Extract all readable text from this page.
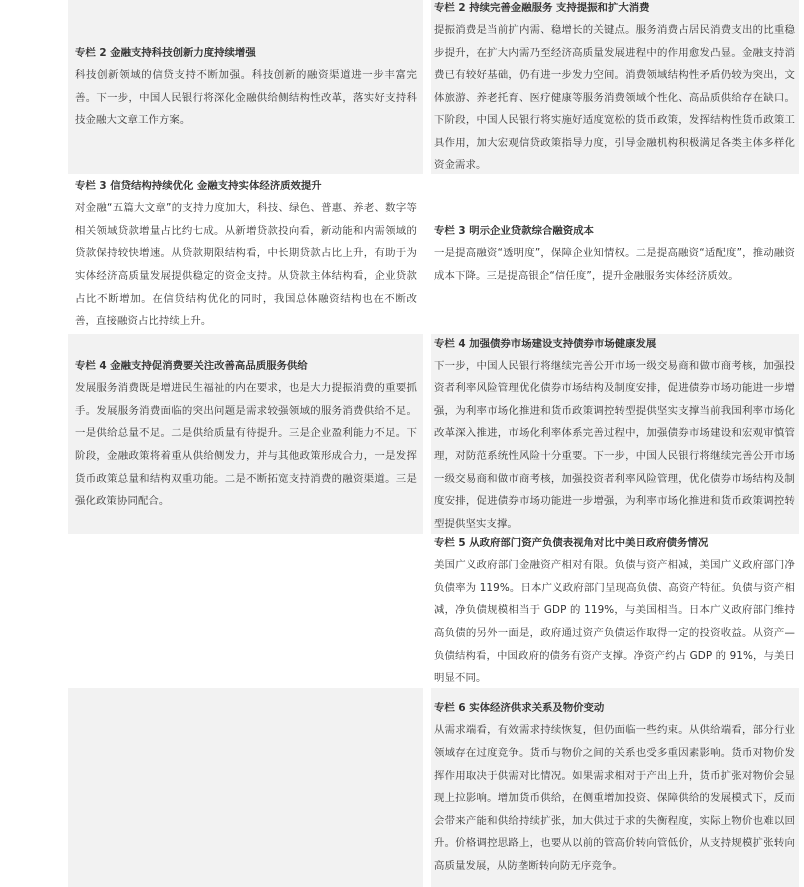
专栏 2 金融支持科技创新力度持续增强
科技创新领域的信贷支持不断加强。科技创新的融资渠道进一步丰富完善。下一步，中国人民银行将深化金融供给侧结构性改革，落实好支持科技金融大文章工作方案。
专栏 2 持续完善金融服务 支持提振和扩大消费
提振消费是当前扩内需、稳增长的关键点。服务消费占居民消费支出的比重稳步提升，在扩大内需乃至经济高质量发展进程中的作用愈发凸显。金融支持消费已有较好基础，仍有进一步发力空间。消费领域结构性矛盾仍较为突出，文体旅游、养老托育、医疗健康等服务消费领域个性化、高品质供给存在缺口。下阶段，中国人民银行将实施好适度宽松的货币政策，发挥结构性货币政策工具作用，加大宏观信贷政策指导力度，引导金融机构积极满足各类主体多样化资金需求。
专栏 3 信贷结构持续优化 金融支持实体经济质效提升
对金融“五篇大文章”的支持力度加大，科技、绿色、普惠、养老、数字等相关领域贷款增量占比约七成。从新增贷款投向看，新动能和内需领域的贷款保持较快增速。从贷款期限结构看，中长期贷款占比上升，有助于为实体经济高质量发展提供稳定的资金支持。从贷款主体结构看，企业贷款占比不断增加。在信贷结构优化的同时，我国总体融资结构也在不断改善，直接融资占比持续上升。
专栏 3 明示企业贷款综合融资成本
一是提高融资“透明度”，保障企业知情权。二是提高融资“适配度”，推动融资成本下降。三是提高银企“信任度”，提升金融服务实体经济质效。
专栏 4 金融支持促消费要关注改善高品质服务供给
发展服务消费既是增进民生福祉的内在要求，也是大力提振消费的重要抓手。发展服务消费面临的突出问题是需求较强领域的服务消费供给不足。一是供给总量不足。二是供给质量有待提升。三是企业盈利能力不足。下阶段，金融政策将着重从供给侧发力，并与其他政策形成合力，一是发挥货币政策总量和结构双重功能。二是不断拓宽支持消费的融资渠道。三是强化政策协同配合。
专栏 4 加强债券市场建设支持债券市场健康发展
下一步，中国人民银行将继续完善公开市场一级交易商和做市商考核，加强投资者利率风险管理优化债券市场结构及制度安排，促进债券市场功能进一步增强，为利率市场化推进和货币政策调控转型提供坚实支撑当前我国利率市场化改革深入推进，市场化利率体系完善过程中，加强债券市场建设和宏观审慎管理，对防范系统性风险十分重要。下一步，中国人民银行将继续完善公开市场一级交易商和做市商考核，加强投资者利率风险管理，优化债券市场结构及制度安排，促进债券市场功能进一步增强，为利率市场化推进和货币政策调控转型提供坚实支撑。
专栏 5 从政府部门资产负债表视角对比中美日政府债务情况
美国广义政府部门金融资产相对有限。负债与资产相减，美国广义政府部门净负债率为 119%。日本广义政府部门呈现高负债、高资产特征。负债与资产相减，净负债规模相当于 GDP 的 119%，与美国相当。日本广义政府部门维持高负债的另外一面是，政府通过资产负债运作取得一定的投资收益。从资产—负债结构看，中国政府的债务有资产支撑。净资产约占 GDP 的 91%，与美日明显不同。
专栏 6 实体经济供求关系及物价变动
从需求端看，有效需求持续恢复，但仍面临一些约束。从供给端看，部分行业领域存在过度竞争。货币与物价之间的关系也受多重因素影响。货币对物价发挥作用取决于供需对比情况。如果需求相对于产出上升，货币扩张对物价会显现上拉影响。增加货币供给，在侧重增加投资、保障供给的发展模式下，反而会带来产能和供给持续扩张，加大供过于求的失衡程度，实际上物价也难以回升。价格调控思路上，也要从以前的管高价转向管低价，从支持规模扩张转向高质量发展，从防垄断转向防无序竞争。
